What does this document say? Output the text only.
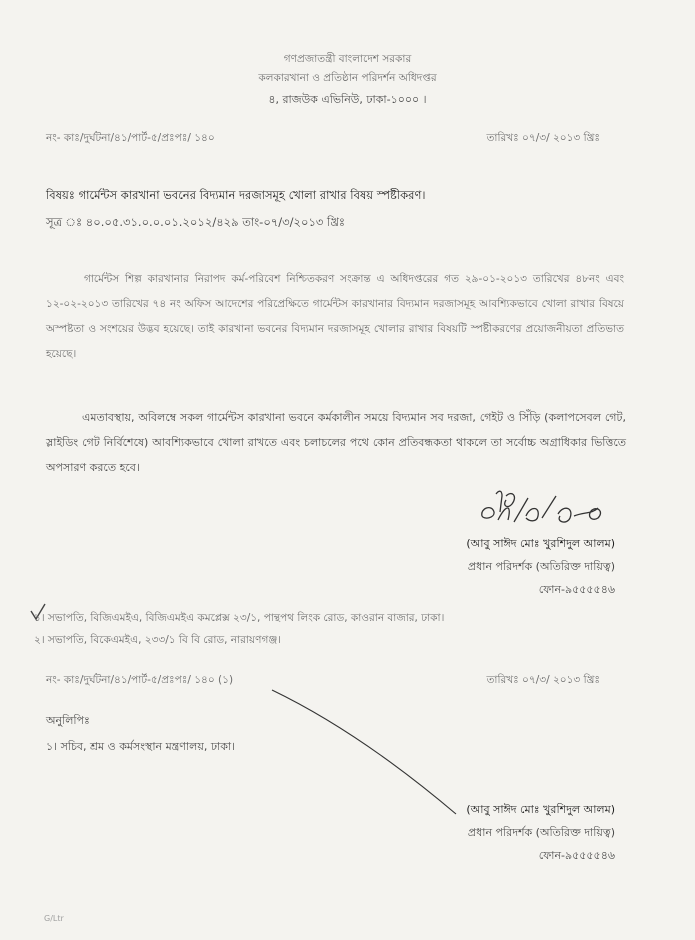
গণপ্রজাতন্ত্রী বাংলাদেশ সরকার
কলকারখানা ও প্রতিষ্ঠান পরিদর্শন অধিদপ্তর
৪, রাজউক এভিনিউ, ঢাকা-১০০০ ।
নং- কাঃ/দুর্ঘটনা/৪১/পার্ট-৫/প্রঃপঃ/ ১৪০	তারিখঃ ০৭/৩/ ২০১৩ খ্রিঃ
বিষয়ঃ গার্মেন্টস কারখানা ভবনের বিদ্যমান দরজাসমূহ খোলা রাখার বিষয় স্পষ্টীকরণ।
সূত্র ঃ ৪০.০৫.৩১.০.০.০১.২০১২/৪২৯ তাং-০৭/৩/২০১৩ খ্রিঃ
গার্মেন্টস শিল্প কারখানার নিরাপদ কর্ম-পরিবেশ নিশ্চিতকরণ সংক্রান্ত এ অধিদপ্তরের গত ২৯-০১-২০১৩ তারিখের ৪৮নং এবং ১২-০২-২০১৩ তারিখের ৭৪ নং অফিস আদেশের পরিপ্রেক্ষিতে গার্মেন্টস কারখানার বিদ্যমান দরজাসমূহ আবশ্যিকভাবে খোলা রাখার বিষয়ে অস্পষ্টতা ও সংশয়ের উদ্ভব হয়েছে। তাই কারখানা ভবনের বিদ্যমান দরজাসমূহ খোলার রাখার বিষয়টি স্পষ্টীকরণের প্রয়োজনীয়তা প্রতিভাত হয়েছে।
এমতাবস্থায়, অবিলম্বে সকল গার্মেন্টস কারখানা ভবনে কর্মকালীন সময়ে বিদ্যমান সব দরজা, গেইট ও সিঁড়ি (কলাপসেবল গেট, স্লাইডিং গেট নির্বিশেষে) আবশ্যিকভাবে খোলা রাখতে এবং চলাচলের পথে কোন প্রতিবন্ধকতা থাকলে তা সর্বোচ্চ অগ্রাধিকার ভিত্তিতে অপসারণ করতে হবে।
(আবু সাঈদ মোঃ খুরশিদুল আলম)
প্রধান পরিদর্শক (অতিরিক্ত দায়িত্ব)
ফোন-৯৫৫৫৫৪৬
১। সভাপতি, বিজিএমইএ, বিজিএমইএ কমপ্লেক্স ২৩/১, পান্থপথ লিংক রোড, কাওরান বাজার, ঢাকা।
২। সভাপতি, বিকেএমইএ, ২৩৩/১ বি বি রোড, নারায়ণগঞ্জ।
নং- কাঃ/দুর্ঘটনা/৪১/পার্ট-৫/প্রঃপঃ/ ১৪০ (১)	তারিখঃ ০৭/৩/ ২০১৩ খ্রিঃ
অনুলিপিঃ
১। সচিব, শ্রম ও কর্মসংস্থান মন্ত্রণালয়, ঢাকা।
(আবু সাঈদ মোঃ খুরশিদুল আলম)
প্রধান পরিদর্শক (অতিরিক্ত দায়িত্ব)
ফোন-৯৫৫৫৫৪৬
G/Ltr
